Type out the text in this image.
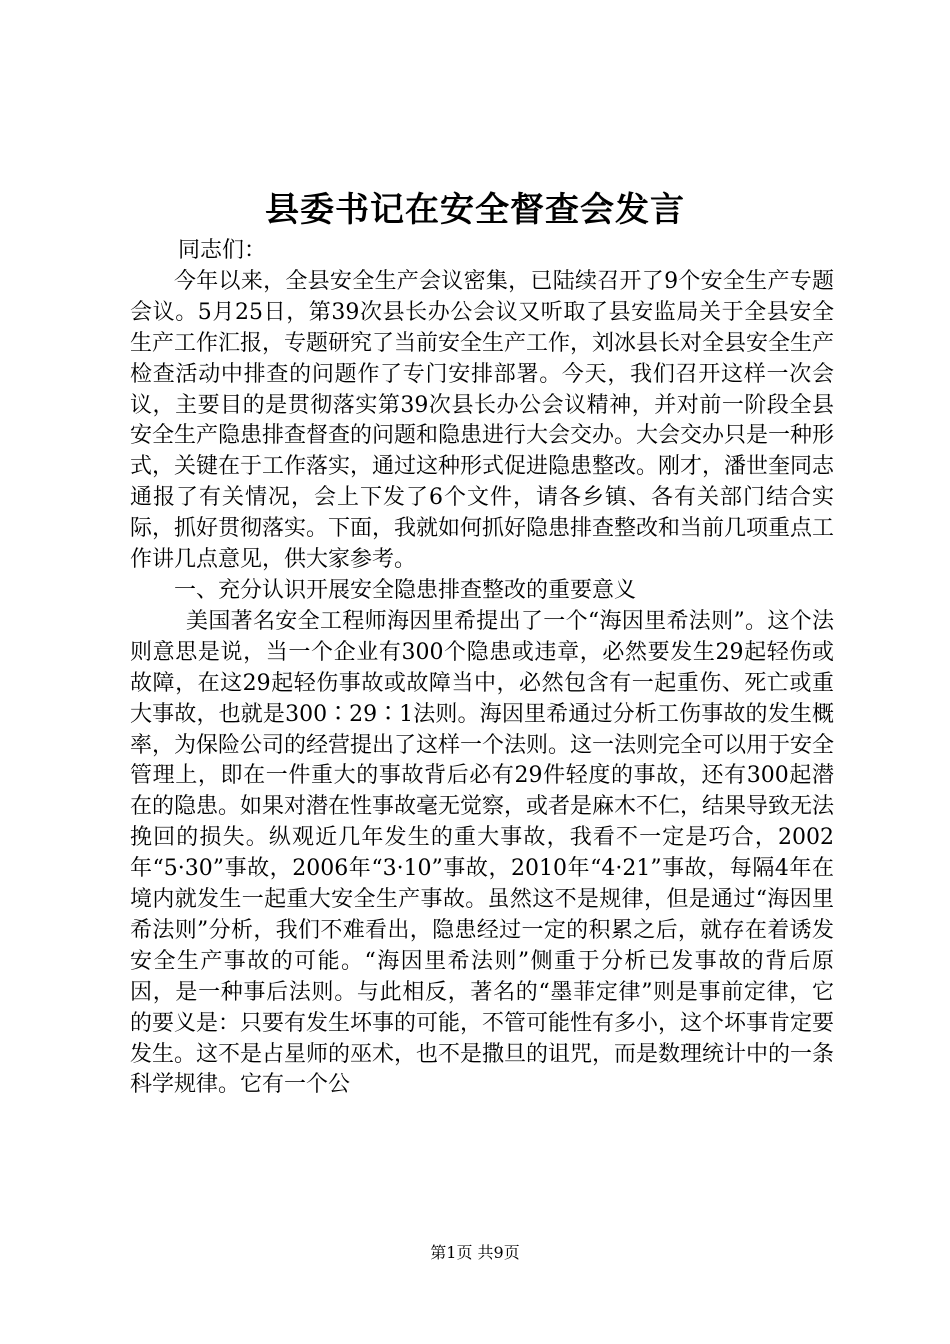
县委书记在安全督查会发言

同志们：

今年以来，全县安全生产会议密集，已陆续召开了9个安全生产专题会议。5月25日，第39次县长办公会议又听取了县安监局关于全县安全生产工作汇报，专题研究了当前安全生产工作，刘冰县长对全县安全生产检查活动中排查的问题作了专门安排部署。今天，我们召开这样一次会议，主要目的是贯彻落实第39次县长办公会议精神，并对前一阶段全县安全生产隐患排查督查的问题和隐患进行大会交办。大会交办只是一种形式，关键在于工作落实，通过这种形式促进隐患整改。刚才，潘世奎同志通报了有关情况，会上下发了6个文件，请各乡镇、各有关部门结合实际，抓好贯彻落实。下面，我就如何抓好隐患排查整改和当前几项重点工作讲几点意见，供大家参考。

一、充分认识开展安全隐患排查整改的重要意义

美国著名安全工程师海因里希提出了一个“海因里希法则”。这个法则意思是说，当一个企业有300个隐患或违章，必然要发生29起轻伤或故障，在这29起轻伤事故或故障当中，必然包含有一起重伤、死亡或重大事故，也就是300∶29∶1法则。海因里希通过分析工伤事故的发生概率，为保险公司的经营提出了这样一个法则。这一法则完全可以用于安全管理上，即在一件重大的事故背后必有29件轻度的事故，还有300起潜在的隐患。如果对潜在性事故毫无觉察，或者是麻木不仁，结果导致无法挽回的损失。纵观近几年发生的重大事故，我看不一定是巧合，2002年“5·30”事故，2006年“3·10”事故，2010年“4·21”事故，每隔4年在境内就发生一起重大安全生产事故。虽然这不是规律，但是通过“海因里希法则”分析，我们不难看出，隐患经过一定的积累之后，就存在着诱发安全生产事故的可能。“海因里希法则”侧重于分析已发事故的背后原因，是一种事后法则。与此相反，著名的“墨菲定律”则是事前定律，它的要义是：只要有发生坏事的可能，不管可能性有多小，这个坏事肯定要发生。这不是占星师的巫术，也不是撒旦的诅咒，而是数理统计中的一条科学规律。它有一个公

第1页 共9页
